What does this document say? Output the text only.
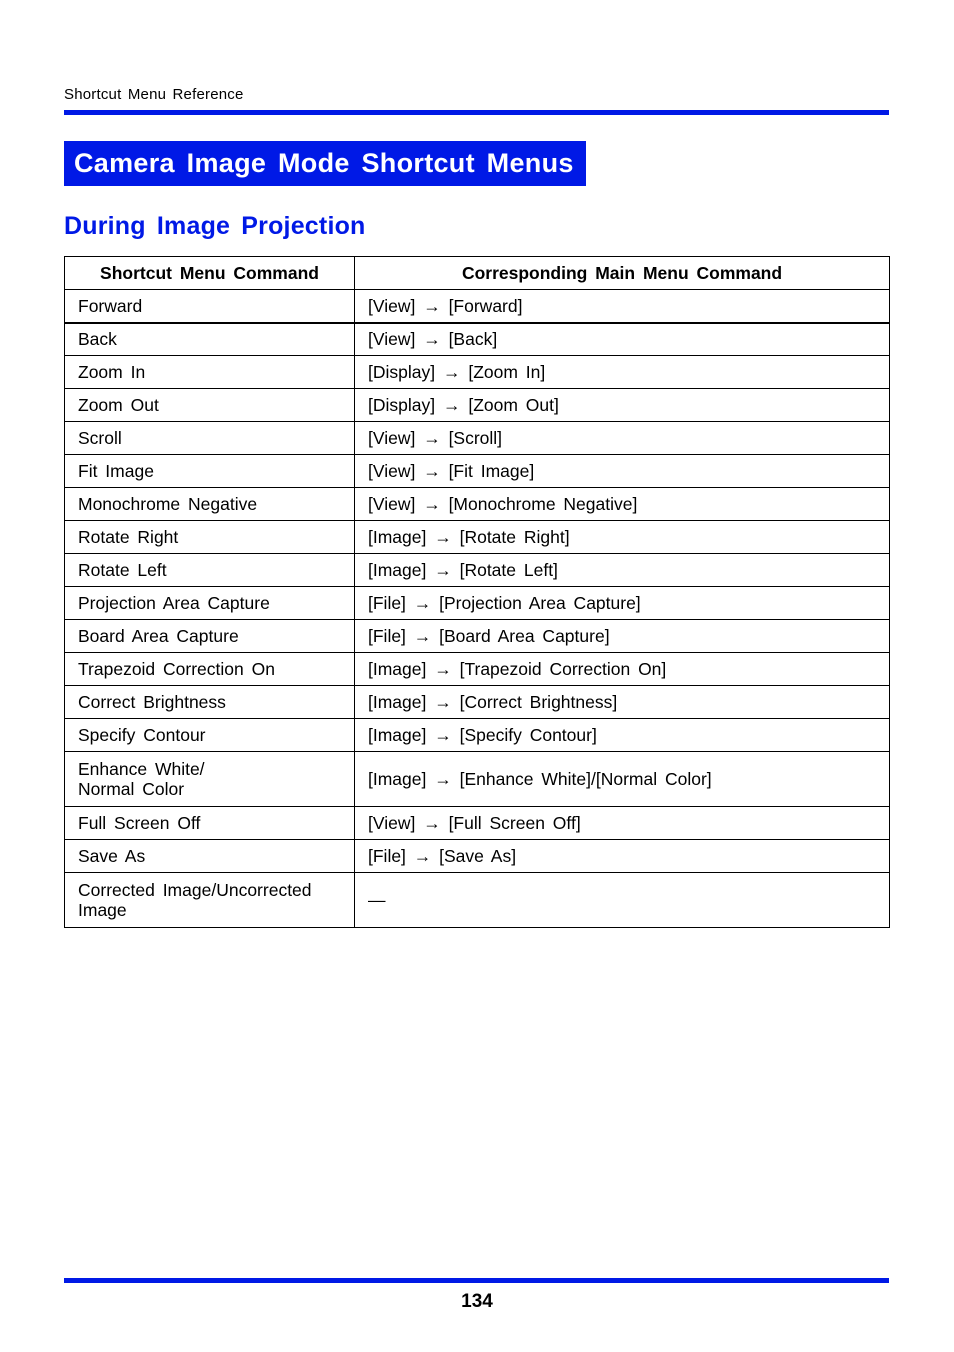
Shortcut Menu Reference
Camera Image Mode Shortcut Menus
During Image Projection
Shortcut Menu Command	Corresponding Main Menu Command
Forward	[View] → [Forward]
Back	[View] → [Back]
Zoom In	[Display] → [Zoom In]
Zoom Out	[Display] → [Zoom Out]
Scroll	[View] → [Scroll]
Fit Image	[View] → [Fit Image]
Monochrome Negative	[View] → [Monochrome Negative]
Rotate Right	[Image] → [Rotate Right]
Rotate Left	[Image] → [Rotate Left]
Projection Area Capture	[File] → [Projection Area Capture]
Board Area Capture	[File] → [Board Area Capture]
Trapezoid Correction On	[Image] → [Trapezoid Correction On]
Correct Brightness	[Image] → [Correct Brightness]
Specify Contour	[Image] → [Specify Contour]
Enhance White/
Normal Color	[Image] → [Enhance White]/[Normal Color]
Full Screen Off	[View] → [Full Screen Off]
Save As	[File] → [Save As]
Corrected Image/Uncorrected
Image	—
134
